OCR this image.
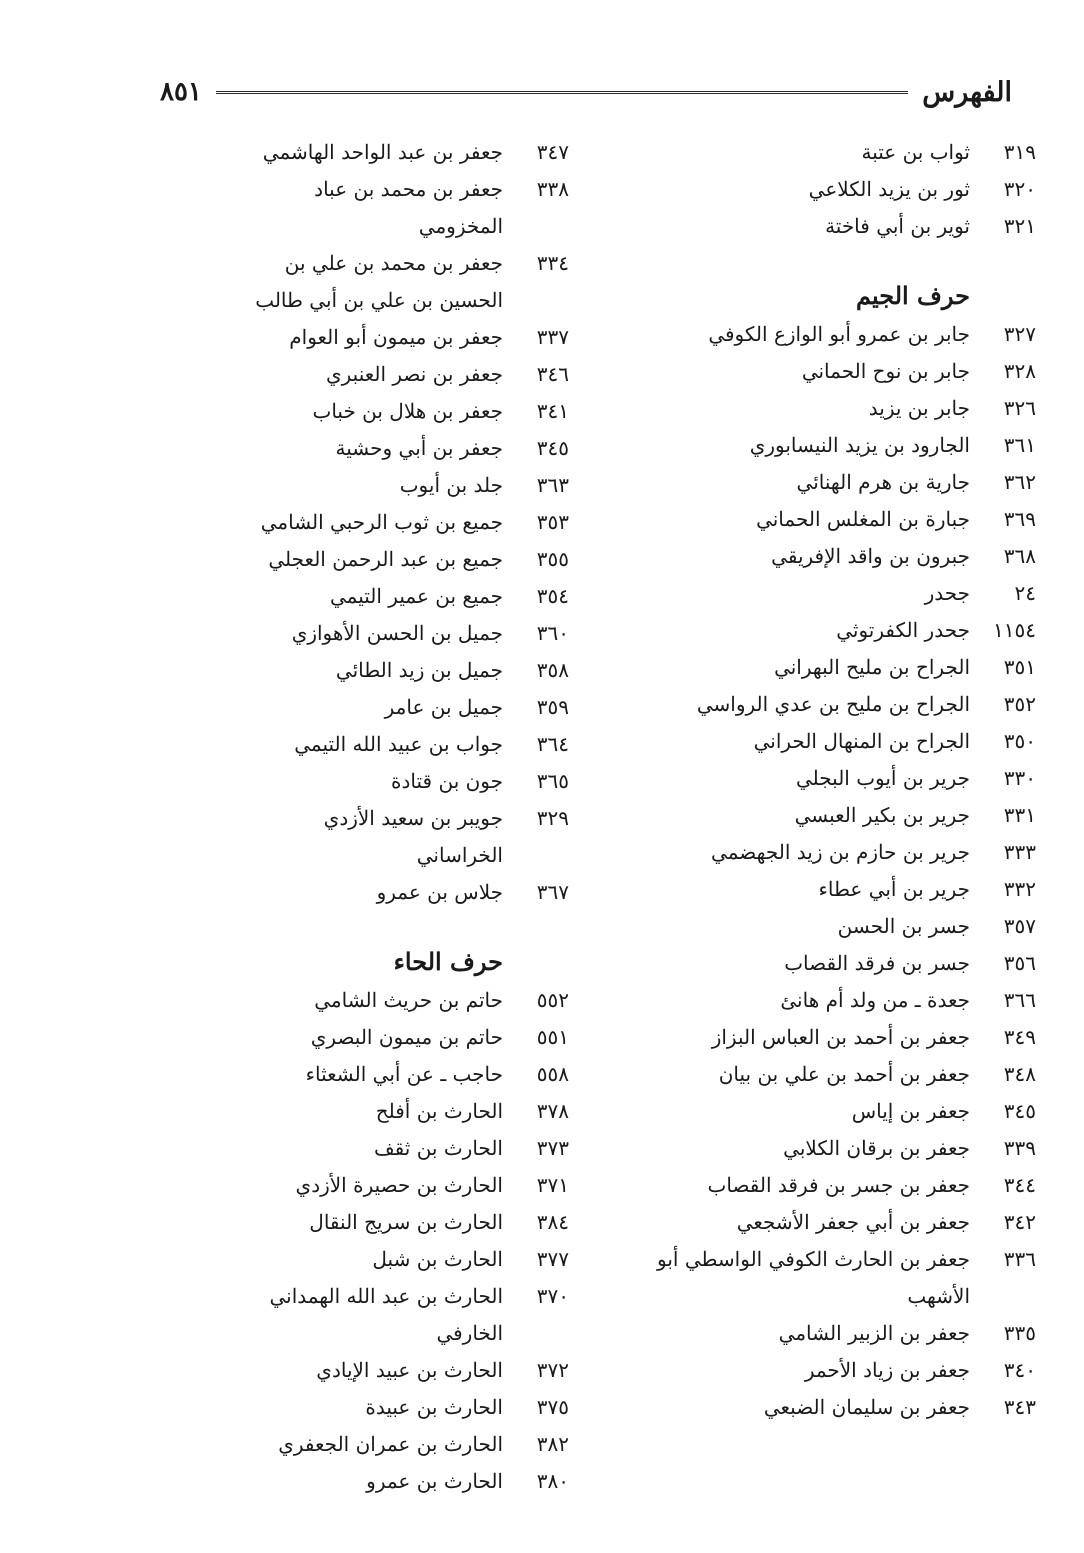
الفهرس
٨٥١
٣١٩
ثواب بن عتبة
٣٢٠
ثور بن يزيد الكلاعي
٣٢١
ثوير بن أبي فاختة
حرف الجيم
٣٢٧
جابر بن عمرو أبو الوازع الكوفي
٣٢٨
جابر بن نوح الحماني
٣٢٦
جابر بن يزيد
٣٦١
الجارود بن يزيد النيسابوري
٣٦٢
جارية بن هرم الهنائي
٣٦٩
جبارة بن المغلس الحماني
٣٦٨
جبرون بن واقد الإفريقي
٢٤
جحدر
١١٥٤
جحدر الكفرتوثي
٣٥١
الجراح بن مليح البهراني
٣٥٢
الجراح بن مليح بن عدي الرواسي
٣٥٠
الجراح بن المنهال الحراني
٣٣٠
جرير بن أيوب البجلي
٣٣١
جرير بن بكير العبسي
٣٣٣
جرير بن حازم بن زيد الجهضمي
٣٣٢
جرير بن أبي عطاء
٣٥٧
جسر بن الحسن
٣٥٦
جسر بن فرقد القصاب
٣٦٦
جعدة ـ من ولد أم هانئ
٣٤٩
جعفر بن أحمد بن العباس البزاز
٣٤٨
جعفر بن أحمد بن علي بن بيان
٣٤٥
جعفر بن إياس
٣٣٩
جعفر بن برقان الكلابي
٣٤٤
جعفر بن جسر بن فرقد القصاب
٣٤٢
جعفر بن أبي جعفر الأشجعي
٣٣٦
جعفر بن الحارث الكوفي الواسطي أبو الأشهب
٣٣٥
جعفر بن الزبير الشامي
٣٤٠
جعفر بن زياد الأحمر
٣٤٣
جعفر بن سليمان الضبعي
٣٤٧
جعفر بن عبد الواحد الهاشمي
٣٣٨
جعفر بن محمد بن عباد المخزومي
٣٣٤
جعفر بن محمد بن علي بن الحسين بن علي بن أبي طالب
٣٣٧
جعفر بن ميمون أبو العوام
٣٤٦
جعفر بن نصر العنبري
٣٤١
جعفر بن هلال بن خباب
٣٤٥
جعفر بن أبي وحشية
٣٦٣
جلد بن أيوب
٣٥٣
جميع بن ثوب الرحبي الشامي
٣٥٥
جميع بن عبد الرحمن العجلي
٣٥٤
جميع بن عمير التيمي
٣٦٠
جميل بن الحسن الأهوازي
٣٥٨
جميل بن زيد الطائي
٣٥٩
جميل بن عامر
٣٦٤
جواب بن عبيد الله التيمي
٣٦٥
جون بن قتادة
٣٢٩
جويبر بن سعيد الأزدي الخراساني
٣٦٧
جلاس بن عمرو
حرف الحاء
٥٥٢
حاتم بن حريث الشامي
٥٥١
حاتم بن ميمون البصري
٥٥٨
حاجب ـ عن أبي الشعثاء
٣٧٨
الحارث بن أفلح
٣٧٣
الحارث بن ثقف
٣٧١
الحارث بن حصيرة الأزدي
٣٨٤
الحارث بن سريج النقال
٣٧٧
الحارث بن شبل
٣٧٠
الحارث بن عبد الله الهمداني الخارفي
٣٧٢
الحارث بن عبيد الإيادي
٣٧٥
الحارث بن عبيدة
٣٨٢
الحارث بن عمران الجعفري
٣٨٠
الحارث بن عمرو
